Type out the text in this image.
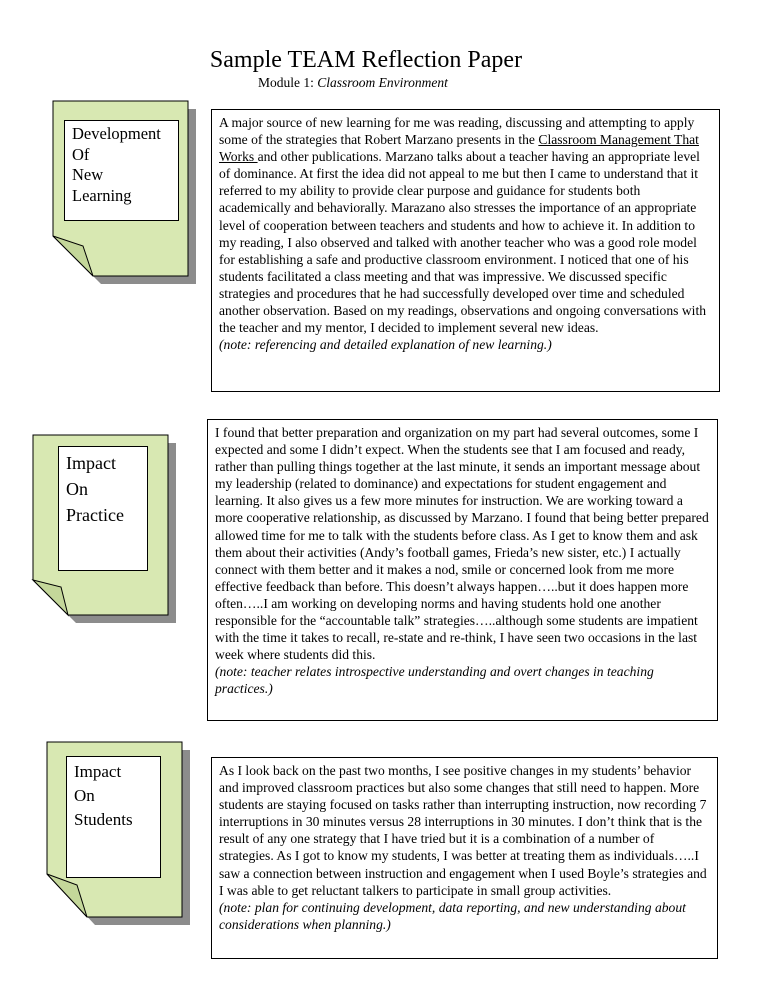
Sample TEAM Reflection Paper
Module 1: Classroom Environment
Development
Of
New
Learning
A major source of new learning for me was reading, discussing and attempting to apply some of the strategies that Robert Marzano presents in the Classroom Management That Works and other publications. Marzano talks about a teacher having an appropriate level of dominance. At first the idea did not appeal to me but then I came to understand that it referred to my ability to provide clear purpose and guidance for students both academically and behaviorally. Marazano also stresses the importance of an appropriate level of cooperation between teachers and students and how to achieve it. In addition to my reading, I also observed and talked with another teacher who was a good role model for establishing a safe and productive classroom environment. I noticed that one of his students facilitated a class meeting and that was impressive. We discussed specific strategies and procedures that he had successfully developed over time and scheduled another observation. Based on my readings, observations and ongoing conversations with the teacher and my mentor, I decided to implement several new ideas.
(note: referencing and detailed explanation of new learning.)
Impact
On
Practice
I found that better preparation and organization on my part had several outcomes, some I expected and some I didn’t expect. When the students see that I am focused and ready, rather than pulling things together at the last minute, it sends an important message about my leadership (related to dominance) and expectations for student engagement and learning. It also gives us a few more minutes for instruction. We are working toward a more cooperative relationship, as discussed by Marzano. I found that being better prepared allowed time for me to talk with the students before class. As I get to know them and ask them about their activities (Andy’s football games, Frieda’s new sister, etc.) I actually connect with them better and it makes a nod, smile or concerned look from me more effective feedback than before. This doesn’t always happen…..but it does happen more often…..I am working on developing norms and having students hold one another responsible for the “accountable talk” strategies…..although some students are impatient with the time it takes to recall, re-state and re-think, I have seen two occasions in the last week where students did this.
(note: teacher relates introspective understanding and overt changes in teaching practices.)
Impact
On
Students
As I look back on the past two months, I see positive changes in my students’ behavior and improved classroom practices but also some changes that still need to happen. More students are staying focused on tasks rather than interrupting instruction, now recording 7 interruptions in 30 minutes versus 28 interruptions in 30 minutes. I don’t think that is the result of any one strategy that I have tried but it is a combination of a number of strategies. As I got to know my students, I was better at treating them as individuals…..I saw a connection between instruction and engagement when I used Boyle’s strategies and I was able to get reluctant talkers to participate in small group activities.
(note: plan for continuing development, data reporting, and new understanding about considerations when planning.)
